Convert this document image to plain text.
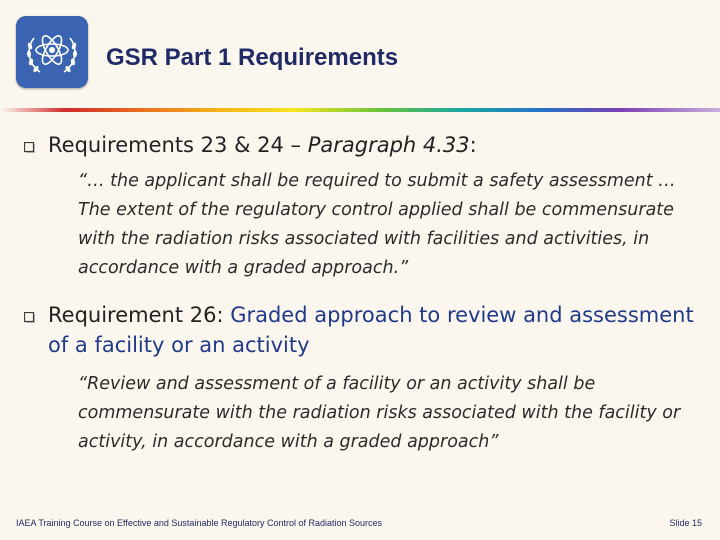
GSR Part 1 Requirements
Requirements 23 & 24 – Paragraph 4.33:
“… the applicant shall be required to submit a safety assessment … The extent of the regulatory control applied shall be commensurate with the radiation risks associated with facilities and activities, in accordance with a graded approach.”
Requirement 26: Graded approach to review and assessment of a facility or an activity
“Review and assessment of a facility or an activity shall be commensurate with the radiation risks associated with the facility or activity, in accordance with a graded approach”
IAEA Training Course on Effective and Sustainable Regulatory Control of Radiation Sources	Slide 15
